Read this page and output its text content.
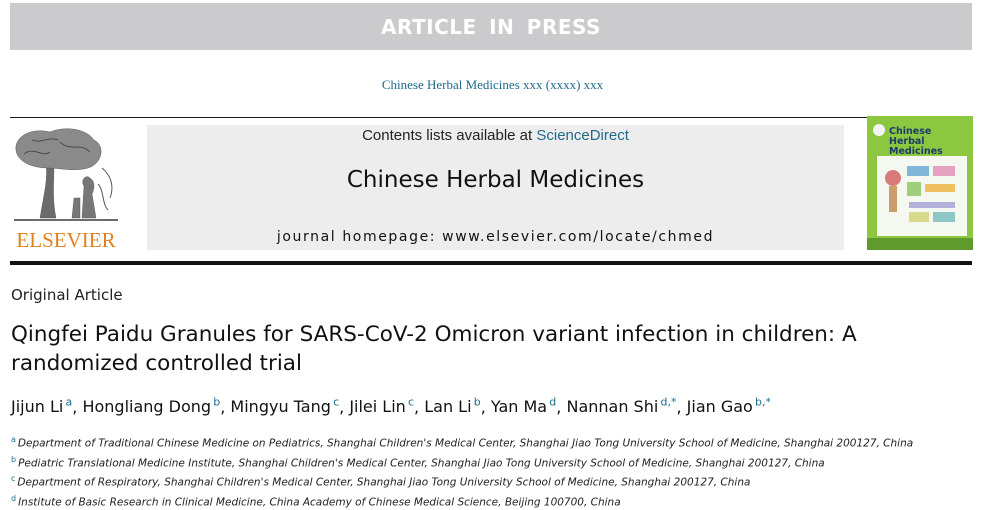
ARTICLE IN PRESS
Chinese Herbal Medicines xxx (xxxx) xxx
ELSEVIER
Contents lists available at ScienceDirect
Chinese Herbal Medicines
journal homepage: www.elsevier.com/locate/chmed
Chinese
Herbal Medicines
Original Article
Qingfei Paidu Granules for SARS-CoV-2 Omicron variant infection in children: A randomized controlled trial
Jijun Li $^a$, Hongliang Dong $^b$, Mingyu Tang $^c$, Jilei Lin $^c$, Lan Li $^b$, Yan Ma $^d$, Nannan Shi $^{d,*}$, Jian Gao $^{b,*}$
$^a$ Department of Traditional Chinese Medicine on Pediatrics, Shanghai Children's Medical Center, Shanghai Jiao Tong University School of Medicine, Shanghai 200127, China
$^b$ Pediatric Translational Medicine Institute, Shanghai Children's Medical Center, Shanghai Jiao Tong University School of Medicine, Shanghai 200127, China
$^c$ Department of Respiratory, Shanghai Children's Medical Center, Shanghai Jiao Tong University School of Medicine, Shanghai 200127, China
$^d$ Institute of Basic Research in Clinical Medicine, China Academy of Chinese Medical Science, Beijing 100700, China
